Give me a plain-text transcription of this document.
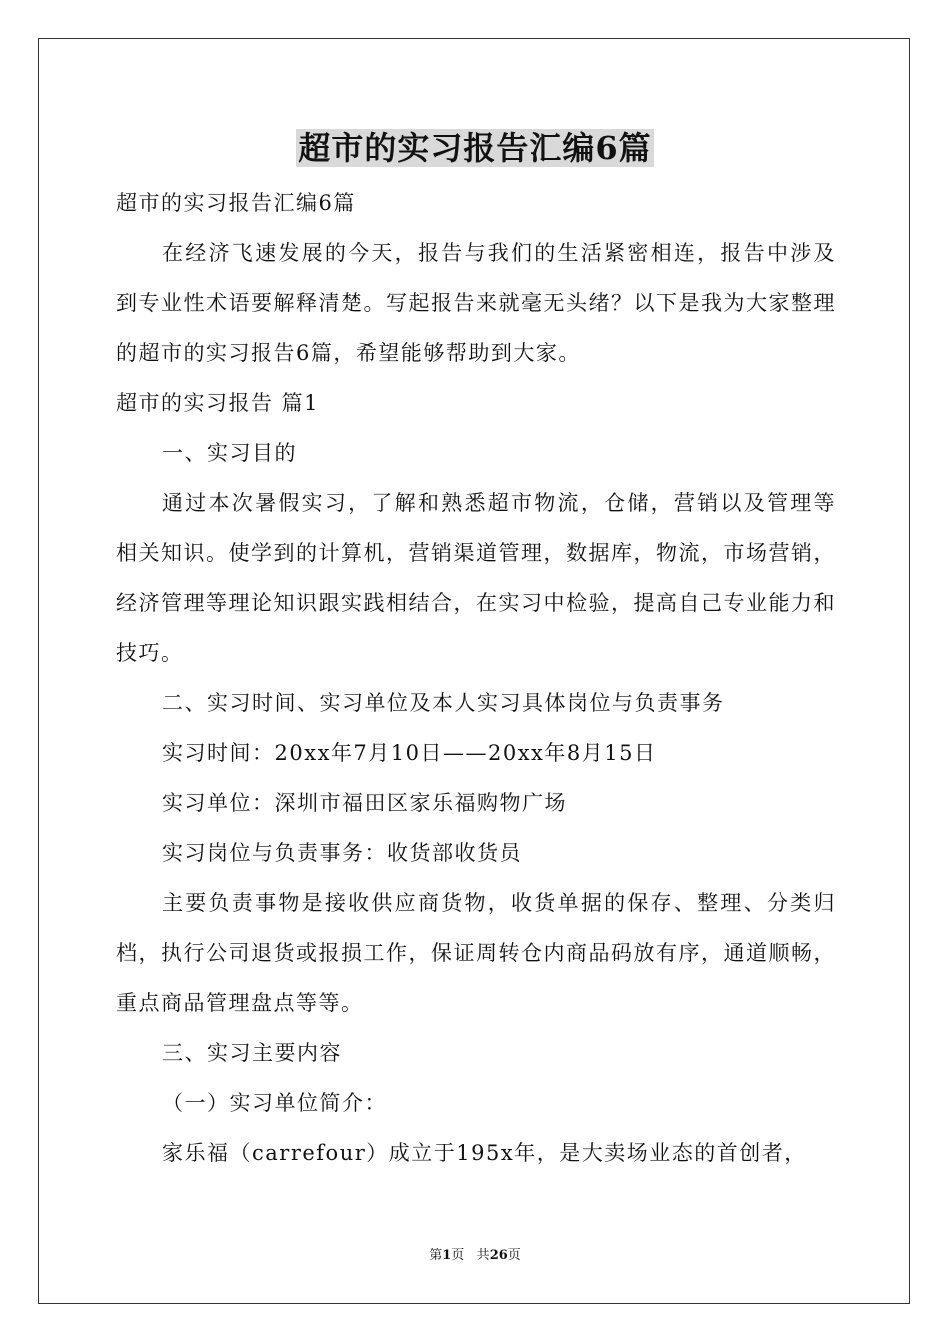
超市的实习报告汇编6篇

超市的实习报告汇编6篇

在经济飞速发展的今天，报告与我们的生活紧密相连，报告中涉及到专业性术语要解释清楚。写起报告来就毫无头绪？以下是我为大家整理的超市的实习报告6篇，希望能够帮助到大家。

超市的实习报告 篇1

一、实习目的

通过本次暑假实习，了解和熟悉超市物流，仓储，营销以及管理等相关知识。使学到的计算机，营销渠道管理，数据库，物流，市场营销，经济管理等理论知识跟实践相结合，在实习中检验，提高自己专业能力和技巧。

二、实习时间、实习单位及本人实习具体岗位与负责事务

实习时间：20xx年7月10日——20xx年8月15日

实习单位：深圳市福田区家乐福购物广场

实习岗位与负责事务：收货部收货员

主要负责事物是接收供应商货物，收货单据的保存、整理、分类归档，执行公司退货或报损工作，保证周转仓内商品码放有序，通道顺畅，重点商品管理盘点等等。

三、实习主要内容

（一）实习单位简介：

家乐福（carrefour）成立于195x年，是大卖场业态的首创者，

第1页 共26页
